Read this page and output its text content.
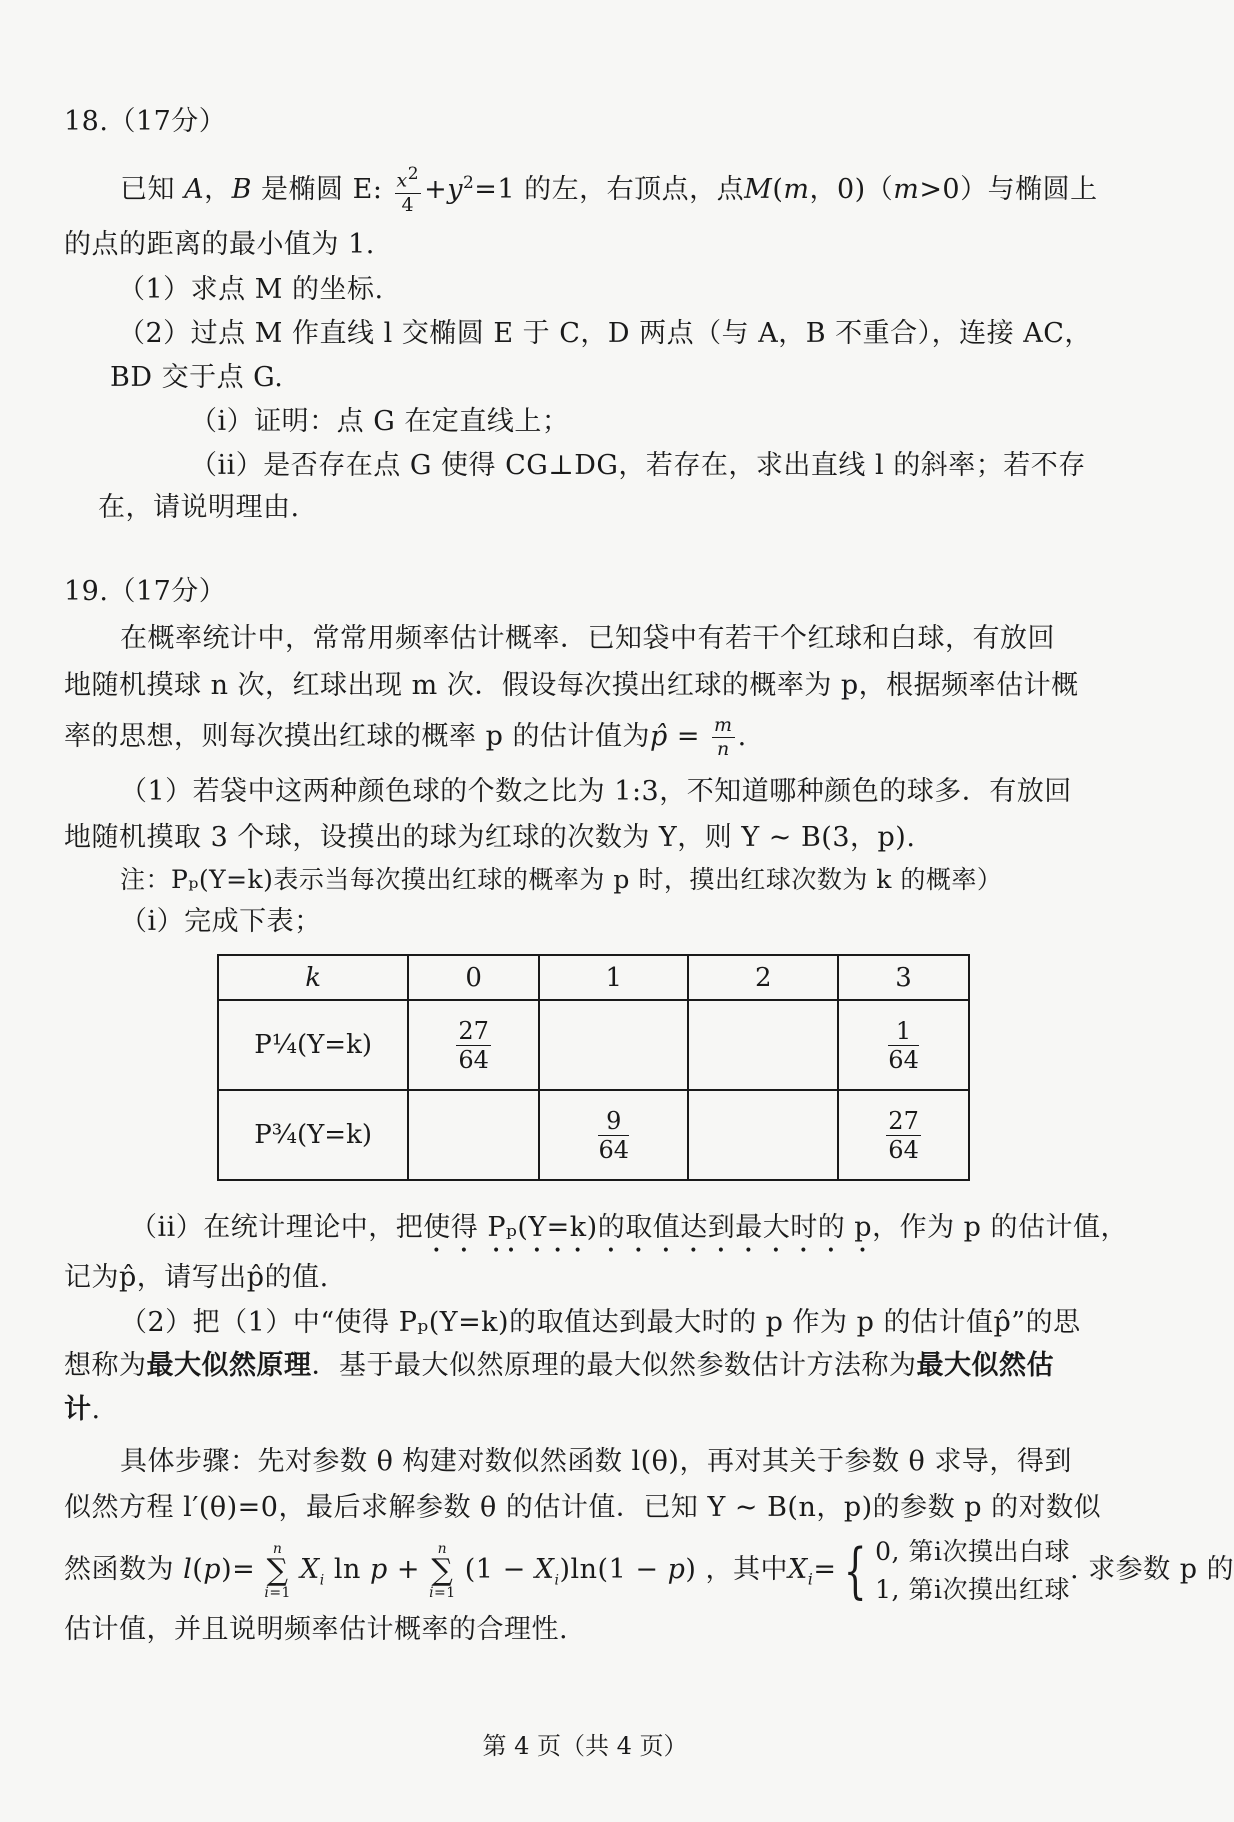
18.（17分）
已知 A，B 是椭圆 E: $\frac{x^2}{4} +y^2=1$ 的左，右顶点，点M(m，0)（m>0）与椭圆上
的点的距离的最小值为 1.
（1）求点 M 的坐标.
（2）过点 M 作直线 l 交椭圆 E 于 C，D 两点（与 A，B 不重合），连接 AC，
BD 交于点 G.
（i）证明：点 G 在定直线上；
（ii）是否存在点 G 使得 CG⊥DG，若存在，求出直线 l 的斜率；若不存
在，请说明理由.
19.（17分）
在概率统计中，常常用频率估计概率．已知袋中有若干个红球和白球，有放回
地随机摸球 n 次，红球出现 m 次．假设每次摸出红球的概率为 p，根据频率估计概
率的思想，则每次摸出红球的概率 p 的估计值为p̂ = $\frac{m}{n}$ .
（1）若袋中这两种颜色球的个数之比为 1:3，不知道哪种颜色的球多．有放回
地随机摸取 3 个球，设摸出的球为红球的次数为 Y，则 Y ~ B(3，p).
注：Pₚ(Y=k)表示当每次摸出红球的概率为 p 时，摸出红球次数为 k 的概率）
（i）完成下表；
k	0	1	2	3
P¼(Y=k)	$\frac{27}{64}$			$\frac{1}{64}$

P¾(Y=k)		$\frac{9}{64}$		$\frac{27}{64}$
（ii）在统计理论中，把使得 Pₚ(Y=k)的取值达到最大时的 p，作为 p 的估计值，
记为p̂，请写出p̂的值.
（2）把（1）中“使得 Pₚ(Y=k)的取值达到最大时的 p 作为 p 的估计值p̂”的思
想称为最大似然原理．基于最大似然原理的最大似然参数估计方法称为最大似然估
计.
具体步骤：先对参数 θ 构建对数似然函数 l(θ)，再对其关于参数 θ 求导，得到
似然方程 l′(θ)=0，最后求解参数 θ 的估计值．已知 Y ~ B(n，p)的参数 p 的对数似
然函数为 l(p)= n
∑
i=1 $X_i$ ln p + n
∑
i=1 $(1 - X_i)\ln(1 - p)$ ，其中$X_i=$ { 0, 第i次摸出白球
1, 第i次摸出红球
. 求参数 p 的
估计值，并且说明频率估计概率的合理性.
第 4 页（共 4 页）
